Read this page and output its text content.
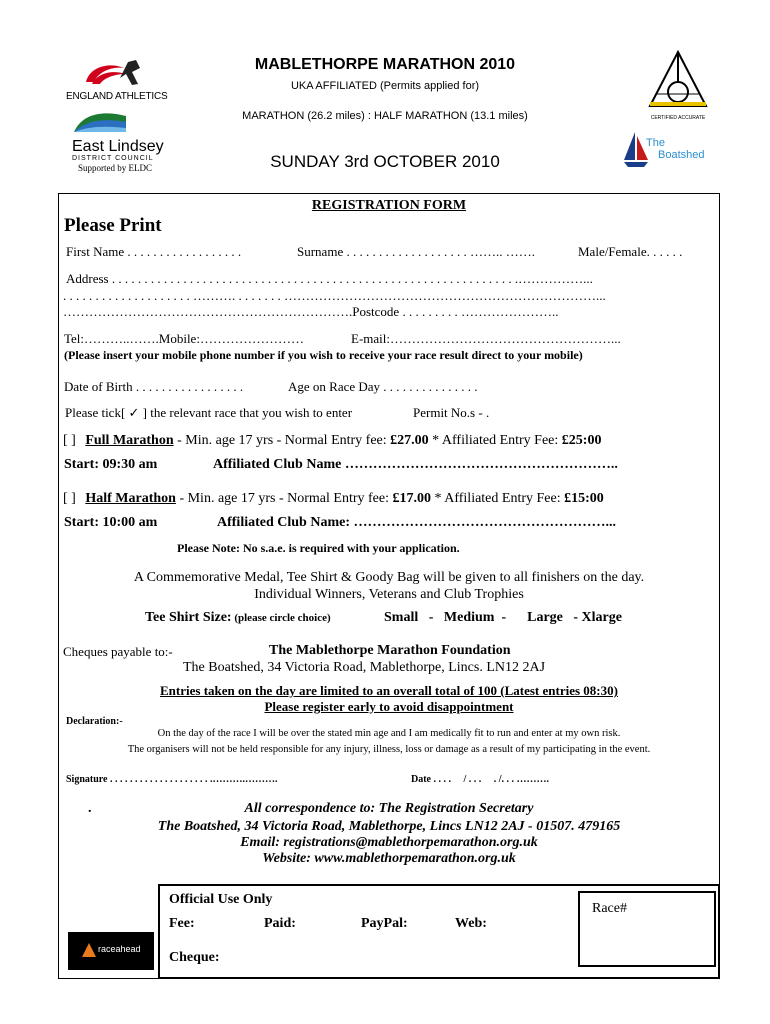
ENGLAND ATHLETICS
East Lindsey
DISTRICT COUNCIL
Supported by ELDC
MABLETHORPE MARATHON 2010
UKA AFFILIATED (Permits applied for)
MARATHON (26.2 miles) : HALF MARATHON (13.1 miles)
SUNDAY 3rd OCTOBER 2010
CERTIFIED ACCURATE
The
Boatshed
REGISTRATION FORM
Please Print
First Name . . . . . . . . . . . . . . . . . .	Surname . . . . . . . . . . . . . . . . . . . …….. …….	Male/Female. . . . . .
Address . . . . . . . . . . . . . . . . . . . . . . . . . . . . . . . . . . . . . . . . . . . . . . . . . . . . . . . . . . . . . . .……………...
. . . . . . . . . . . . . . . . . . . . ………. . . . . . . . ………………………………………………………………...
………………………………………………………….Postcode . . . . . . . . . …………………..
Tel:………..…….Mobile:……………………	E-mail:……………………………………………...
(Please insert your mobile phone number if you wish to receive your race result direct to your mobile)
Date of Birth . . . . . . . . . . . . . . . . .	Age on Race Day . . . . . . . . . . . . . . .
Please tick[ ✓ ] the relevant race that you wish to enter	Permit No.s - .
[ ] Full Marathon - Min. age 17 yrs - Normal Entry fee: £27.00 * Affiliated Entry Fee: £25:00
Start: 09:30 am	Affiliated Club Name …………………………………………………..
[ ] Half Marathon - Min. age 17 yrs - Normal Entry fee: £17.00 * Affiliated Entry Fee: £15:00
Start: 10:00 am	Affiliated Club Name: ………………………………………………...
Please Note: No s.a.e. is required with your application.
A Commemorative Medal, Tee Shirt & Goody Bag will be given to all finishers on the day.
Individual Winners, Veterans and Club Trophies
Tee Shirt Size: (please circle choice)	Small   -   Medium  -      Large   - Xlarge
Cheques payable to:-	The Mablethorpe Marathon Foundation
The Boatshed, 34 Victoria Road, Mablethorpe, Lincs. LN12 2AJ
Entries taken on the day are limited to an overall total of 100 (Latest entries 08:30)
Please register early to avoid disappointment
Declaration:-
On the day of the race I will be over the stated min age and I am medically fit to run and enter at my own risk.
The organisers will not be held responsible for any injury, illness, loss or damage as a result of my participating in the event.
Signature . . . . . . . . . . . . . . . . . . . . .……….……….	Date . . . .     / . . .     . /. . . ……….
.	All correspondence to: The Registration Secretary
The Boatshed, 34 Victoria Road, Mablethorpe, Lincs LN12 2AJ - 01507. 479165
Email: registrations@mablethorpemarathon.org.uk
Website: www.mablethorpemarathon.org.uk
raceahead
Official Use Only
Fee:	Paid:	PayPal:	Web:
Cheque:
Race#
